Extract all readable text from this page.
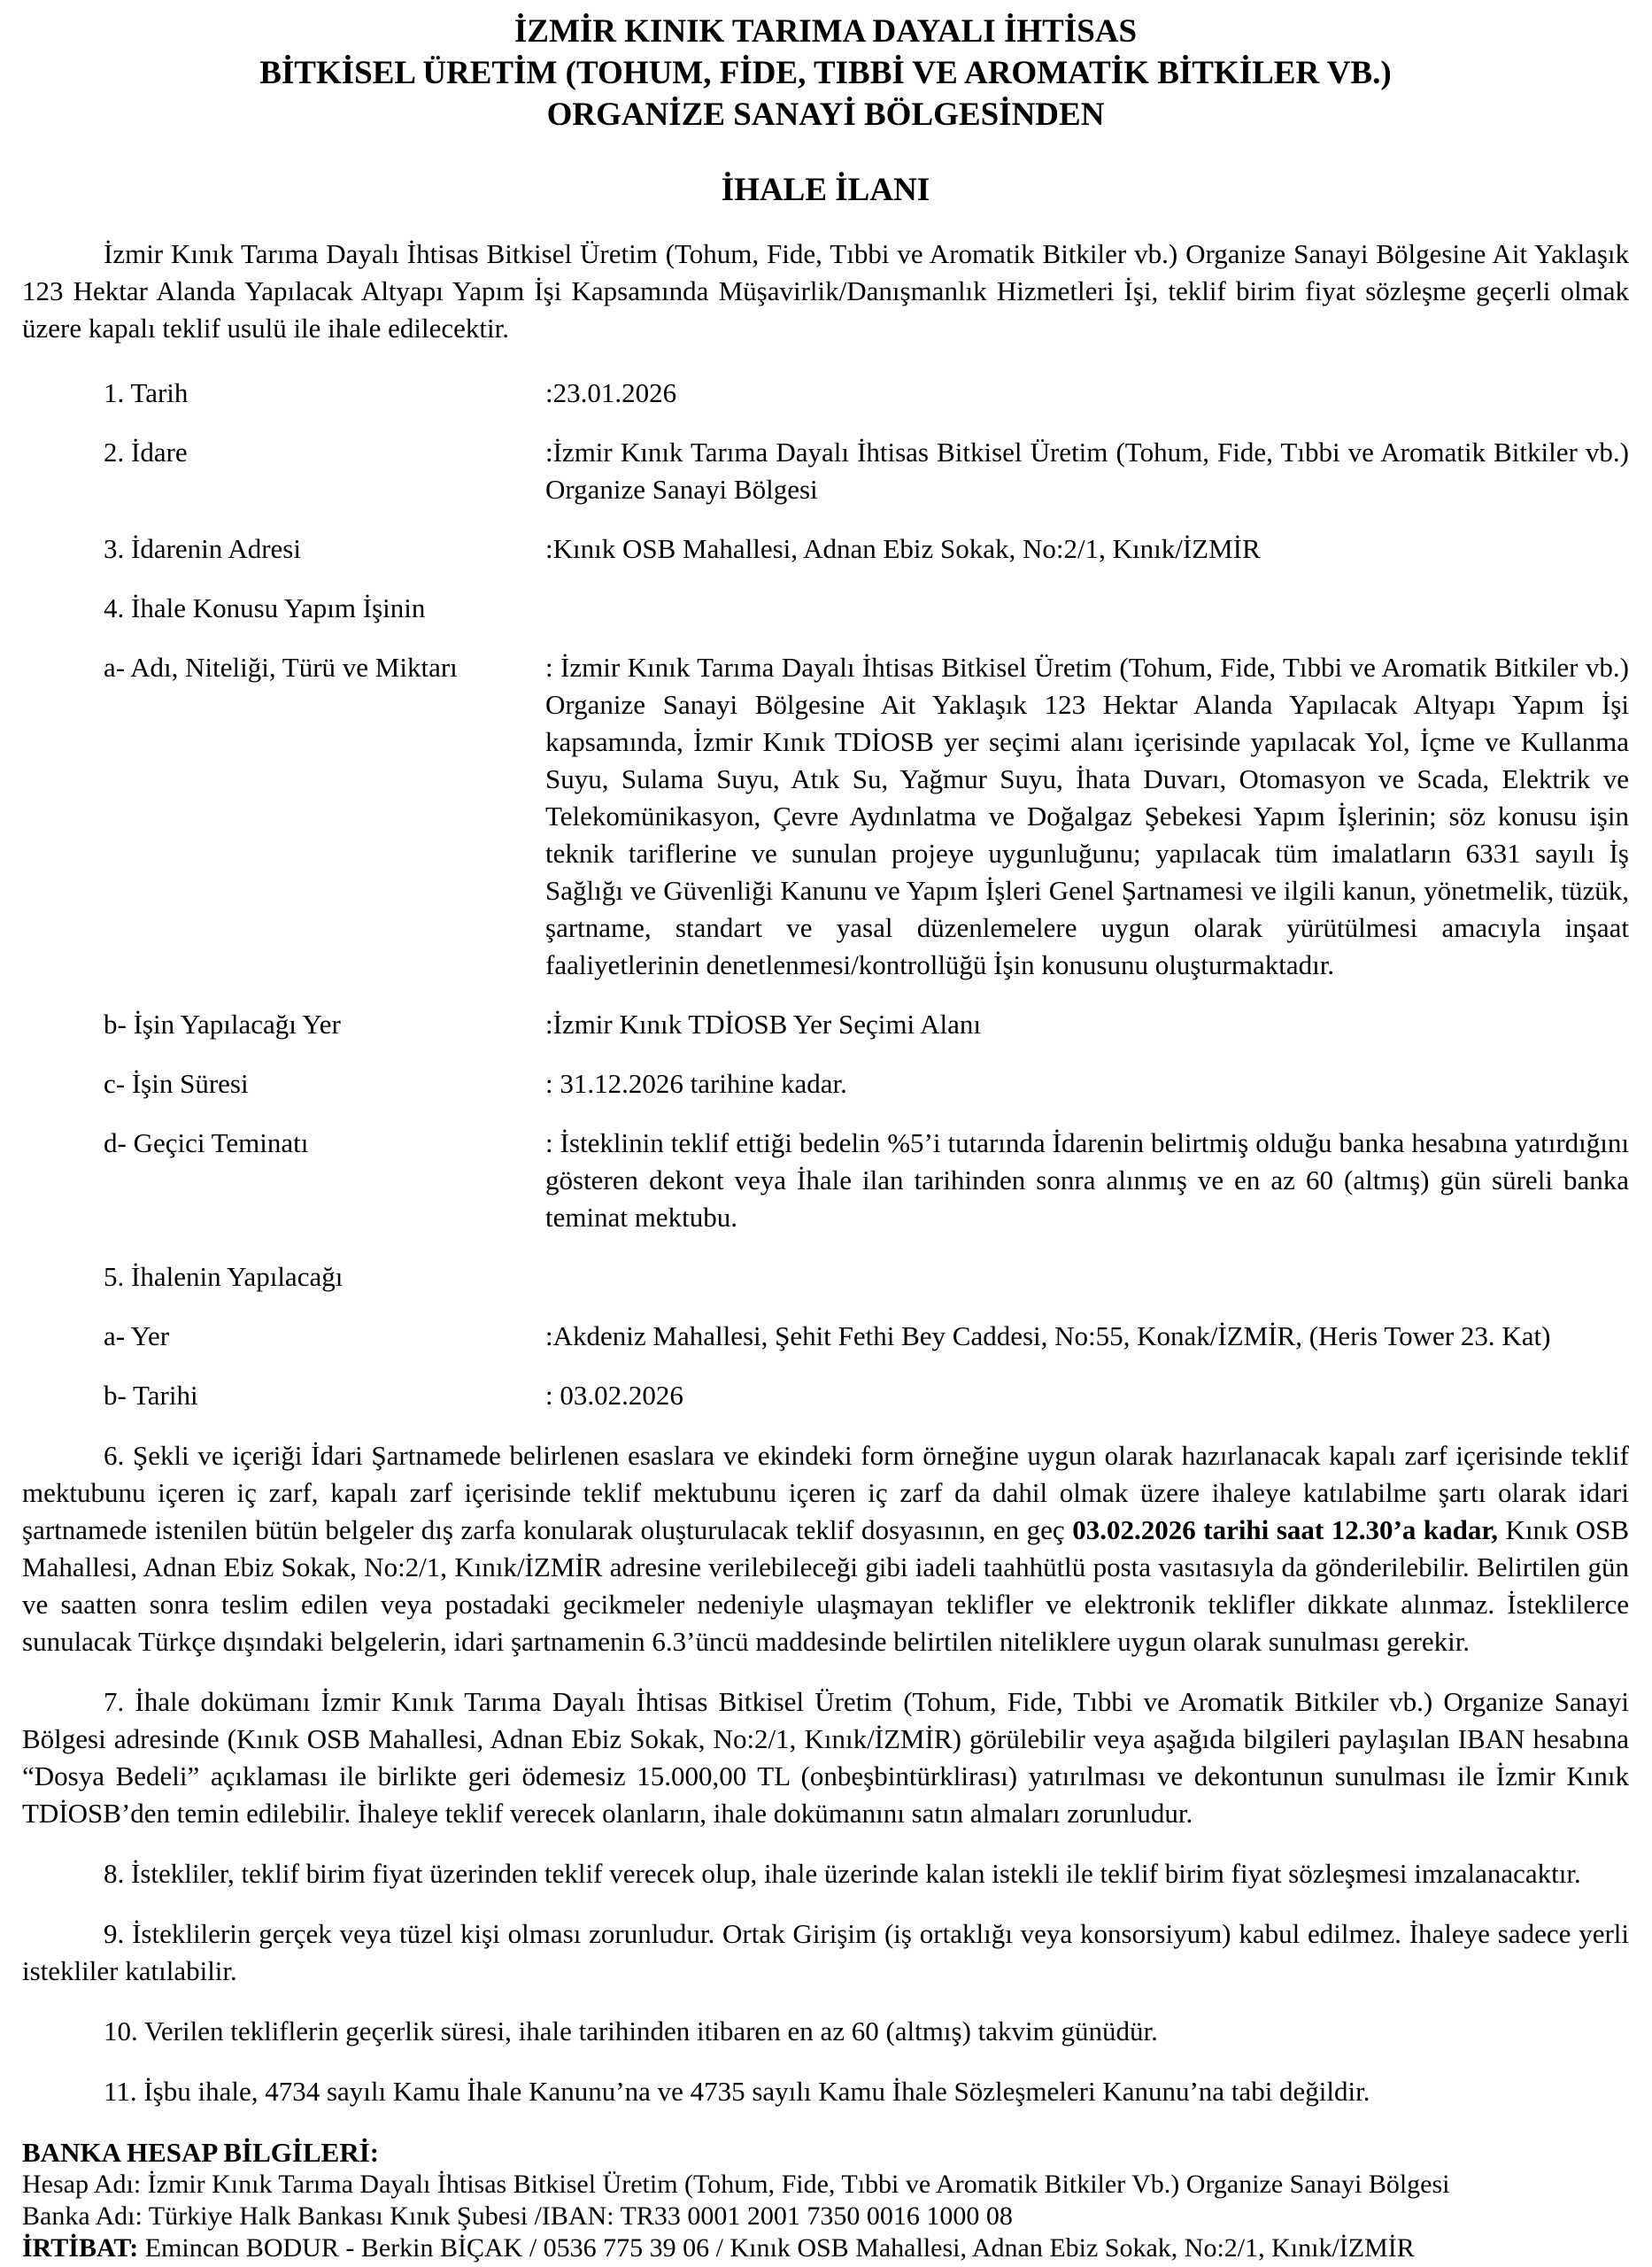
İZMİR KINIK TARIMA DAYALI İHTİSAS
BİTKİSEL ÜRETİM (TOHUM, FİDE, TIBBİ VE AROMATİK BİTKİLER VB.)
ORGANİZE SANAYİ BÖLGESİNDEN
İHALE İLANI

İzmir Kınık Tarıma Dayalı İhtisas Bitkisel Üretim (Tohum, Fide, Tıbbi ve Aromatik Bitkiler vb.) Organize Sanayi Bölgesine Ait Yaklaşık 123 Hektar Alanda Yapılacak Altyapı Yapım İşi Kapsamında Müşavirlik/Danışmanlık Hizmetleri İşi, teklif birim fiyat sözleşme geçerli olmak üzere kapalı teklif usulü ile ihale edilecektir.

1. Tarih	:23.01.2026
2. İdare	:İzmir Kınık Tarıma Dayalı İhtisas Bitkisel Üretim (Tohum, Fide, Tıbbi ve Aromatik Bitkiler vb.) Organize Sanayi Bölgesi
3. İdarenin Adresi	:Kınık OSB Mahallesi, Adnan Ebiz Sokak, No:2/1, Kınık/İZMİR
4. İhale Konusu Yapım İşinin
a- Adı, Niteliği, Türü ve Miktarı	: İzmir Kınık Tarıma Dayalı İhtisas Bitkisel Üretim (Tohum, Fide, Tıbbi ve Aromatik Bitkiler vb.) Organize Sanayi Bölgesine Ait Yaklaşık 123 Hektar Alanda Yapılacak Altyapı Yapım İşi kapsamında, İzmir Kınık TDİOSB yer seçimi alanı içerisinde yapılacak Yol, İçme ve Kullanma Suyu, Sulama Suyu, Atık Su, Yağmur Suyu, İhata Duvarı, Otomasyon ve Scada, Elektrik ve Telekomünikasyon, Çevre Aydınlatma ve Doğalgaz Şebekesi Yapım İşlerinin; söz konusu işin teknik tariflerine ve sunulan projeye uygunluğunu; yapılacak tüm imalatların 6331 sayılı İş Sağlığı ve Güvenliği Kanunu ve Yapım İşleri Genel Şartnamesi ve ilgili kanun, yönetmelik, tüzük, şartname, standart ve yasal düzenlemelere uygun olarak yürütülmesi amacıyla inşaat faaliyetlerinin denetlenmesi/kontrollüğü İşin konusunu oluşturmaktadır.
b- İşin Yapılacağı Yer	:İzmir Kınık TDİOSB Yer Seçimi Alanı
c- İşin Süresi	: 31.12.2026 tarihine kadar.
d- Geçici Teminatı	: İsteklinin teklif ettiği bedelin %5’i tutarında İdarenin belirtmiş olduğu banka hesabına yatırdığını gösteren dekont veya İhale ilan tarihinden sonra alınmış ve en az 60 (altmış) gün süreli banka teminat mektubu.
5. İhalenin Yapılacağı
a- Yer	:Akdeniz Mahallesi, Şehit Fethi Bey Caddesi, No:55, Konak/İZMİR, (Heris Tower 23. Kat)
b- Tarihi	: 03.02.2026

6. Şekli ve içeriği İdari Şartnamede belirlenen esaslara ve ekindeki form örneğine uygun olarak hazırlanacak kapalı zarf içerisinde teklif mektubunu içeren iç zarf, kapalı zarf içerisinde teklif mektubunu içeren iç zarf da dahil olmak üzere ihaleye katılabilme şartı olarak idari şartnamede istenilen bütün belgeler dış zarfa konularak oluşturulacak teklif dosyasının, en geç 03.02.2026 tarihi saat 12.30’a kadar, Kınık OSB Mahallesi, Adnan Ebiz Sokak, No:2/1, Kınık/İZMİR adresine verilebileceği gibi iadeli taahhütlü posta vasıtasıyla da gönderilebilir. Belirtilen gün ve saatten sonra teslim edilen veya postadaki gecikmeler nedeniyle ulaşmayan teklifler ve elektronik teklifler dikkate alınmaz. İsteklilerce sunulacak Türkçe dışındaki belgelerin, idari şartnamenin 6.3’üncü maddesinde belirtilen niteliklere uygun olarak sunulması gerekir.

7. İhale dokümanı İzmir Kınık Tarıma Dayalı İhtisas Bitkisel Üretim (Tohum, Fide, Tıbbi ve Aromatik Bitkiler vb.) Organize Sanayi Bölgesi adresinde (Kınık OSB Mahallesi, Adnan Ebiz Sokak, No:2/1, Kınık/İZMİR) görülebilir veya aşağıda bilgileri paylaşılan IBAN hesabına “Dosya Bedeli” açıklaması ile birlikte geri ödemesiz 15.000,00 TL (onbeşbintürklirası) yatırılması ve dekontunun sunulması ile İzmir Kınık TDİOSB’den temin edilebilir. İhaleye teklif verecek olanların, ihale dokümanını satın almaları zorunludur.

8. İstekliler, teklif birim fiyat üzerinden teklif verecek olup, ihale üzerinde kalan istekli ile teklif birim fiyat sözleşmesi imzalanacaktır.

9. İsteklilerin gerçek veya tüzel kişi olması zorunludur. Ortak Girişim (iş ortaklığı veya konsorsiyum) kabul edilmez. İhaleye sadece yerli istekliler katılabilir.

10. Verilen tekliflerin geçerlik süresi, ihale tarihinden itibaren en az 60 (altmış) takvim günüdür.

11. İşbu ihale, 4734 sayılı Kamu İhale Kanunu’na ve 4735 sayılı Kamu İhale Sözleşmeleri Kanunu’na tabi değildir.

BANKA HESAP BİLGİLERİ:
Hesap Adı: İzmir Kınık Tarıma Dayalı İhtisas Bitkisel Üretim (Tohum, Fide, Tıbbi ve Aromatik Bitkiler Vb.) Organize Sanayi Bölgesi
Banka Adı: Türkiye Halk Bankası Kınık Şubesi /IBAN: TR33 0001 2001 7350 0016 1000 08
İRTİBAT: Emincan BODUR - Berkin BİÇAK / 0536 775 39 06 / Kınık OSB Mahallesi, Adnan Ebiz Sokak, No:2/1, Kınık/İZMİR
